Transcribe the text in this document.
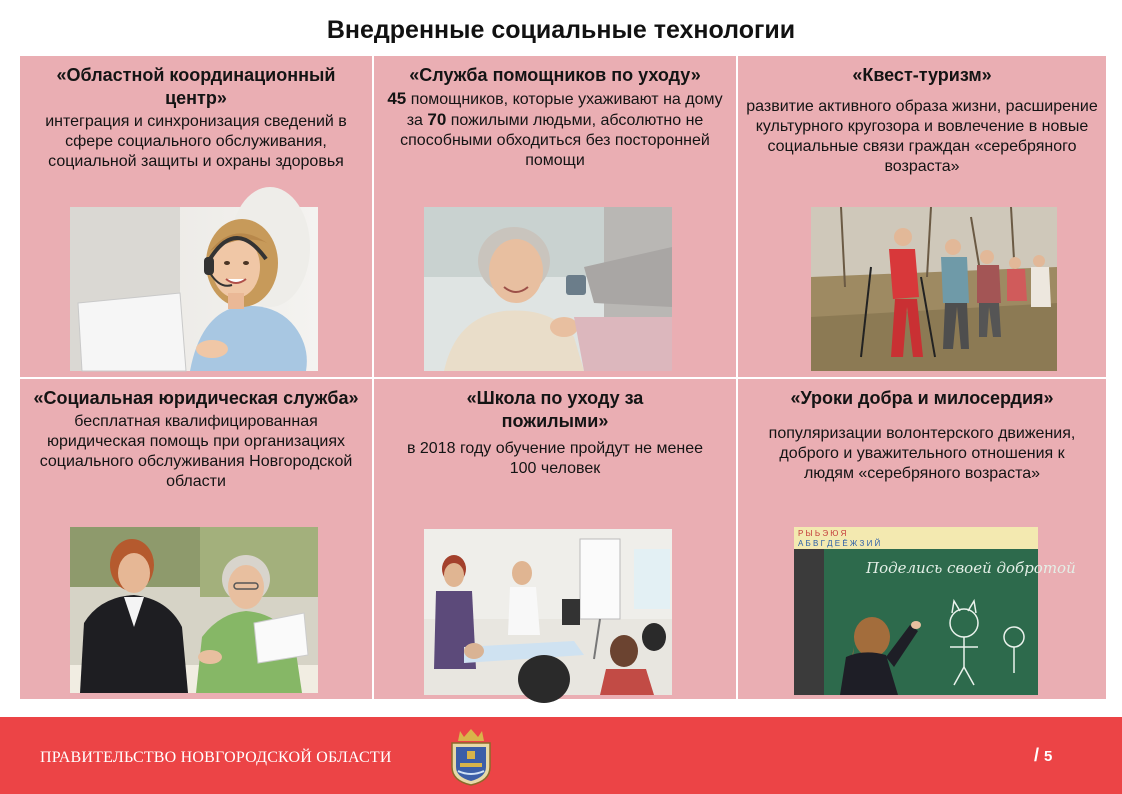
Внедренные социальные технологии
«Областной координационный центр»
интеграция и синхронизация сведений в сфере социального обслуживания, социальной защиты и охраны здоровья
«Служба помощников по уходу»
45 помощников, которые ухаживают на дому за 70 пожилыми людьми, абсолютно не способными обходиться без посторонней помощи
«Квест-туризм»
развитие активного образа жизни, расширение культурного кругозора и вовлечение в новые социальные связи граждан «серебряного возраста»
«Социальная юридическая служба»
бесплатная квалифицированная юридическая помощь при организациях социального обслуживания Новгородской области
«Школа по уходу за пожилыми»
в 2018 году обучение пройдут не менее 100 человек
«Уроки добра и милосердия»
популяризации волонтерского движения, доброго и уважительного отношения к людям «серебряного возраста»
Р Ы Ь Э Ю Я
А Б В Г Д Е Ё Ж З И Й
Поделись своей добротой
ПРАВИТЕЛЬСТВО НОВГОРОДСКОЙ ОБЛАСТИ	/ 5
